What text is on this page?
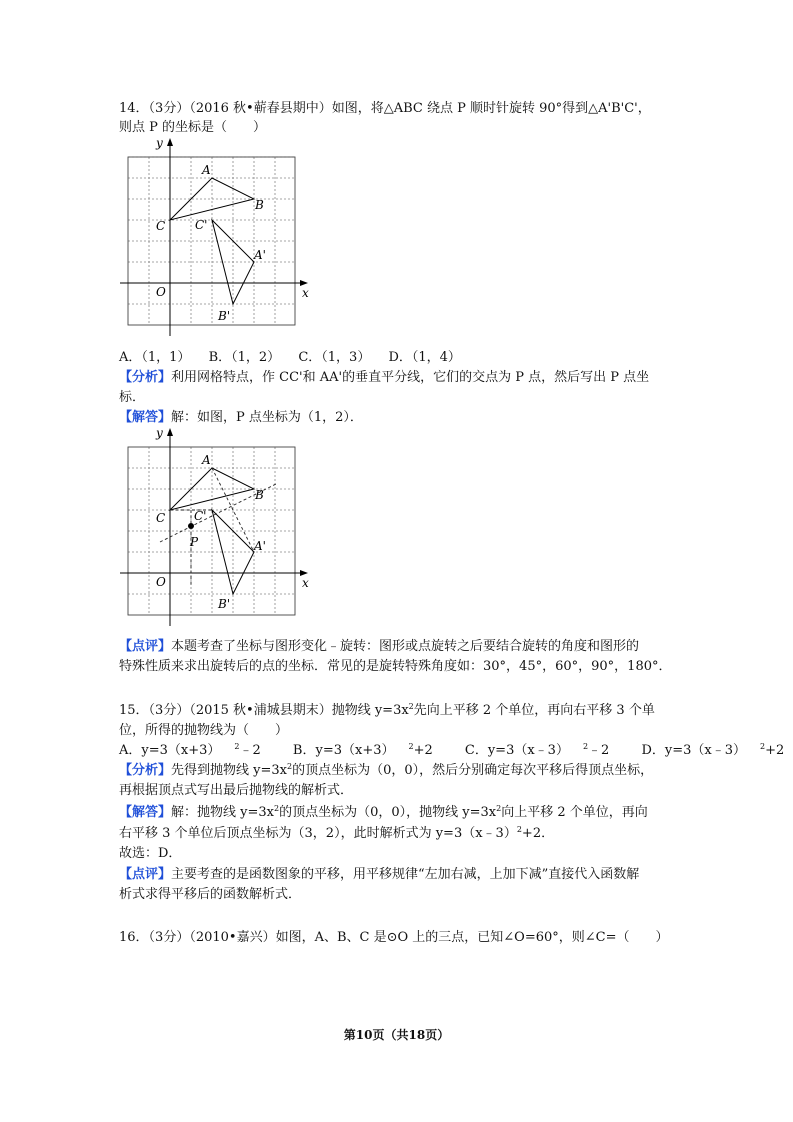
14．（3分）（2016 秋•蕲春县期中）如图，将△ABC 绕点 P 顺时针旋转 90°得到△A'B'C'，
则点 P 的坐标是（　　）
y
x
O
A
B
C C'
A'
B'
A．（1，1） B．（1，2） C．（1，3） D．（1，4）
【分析】利用网格特点，作 CC'和 AA'的垂直平分线，它们的交点为 P 点，然后写出 P 点坐
标．
【解答】解：如图，P 点坐标为（1，2）．
y
x
O
A
B
C C'
A'
B'
P
【点评】本题考查了坐标与图形变化﹣旋转：图形或点旋转之后要结合旋转的角度和图形的
特殊性质来求出旋转后的点的坐标．常见的是旋转特殊角度如：30°，45°，60°，90°，180°．
15．（3分）（2015 秋•浦城县期末）抛物线 $y=3x^2$先向上平移 2 个单位，再向右平移 3 个单
位，所得的抛物线为（　　）
A．y=3（x+3） $^2$﹣2 B．y=3（x+3） $^2$+2 C．y=3（x﹣3） $^2$﹣2 D．y=3（x﹣3） $^2$+2
【分析】先得到抛物线 $y=3x^2$的顶点坐标为（0，0），然后分别确定每次平移后得顶点坐标，
再根据顶点式写出最后抛物线的解析式．
【解答】解：抛物线 $y=3x^2$的顶点坐标为（0，0），抛物线 $y=3x^2$向上平移 2 个单位，再向
右平移 3 个单位后顶点坐标为（3，2），此时解析式为 y=3（x﹣3）$^2$+2．
故选：D．
【点评】主要考查的是函数图象的平移，用平移规律“左加右减，上加下减”直接代入函数解
析式求得平移后的函数解析式．
16．（3分）（2010•嘉兴）如图，A、B、C 是⊙O 上的三点，已知∠O=60°，则∠C=（　　）
第10页（共18页）
